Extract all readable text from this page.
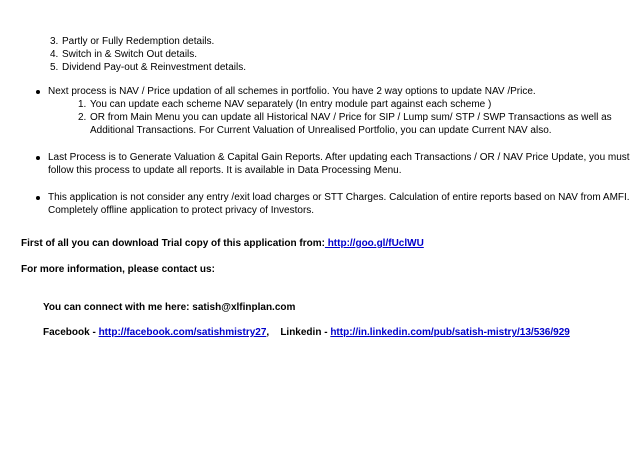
3. Partly or Fully Redemption details.
4. Switch in & Switch Out details.
5. Dividend Pay-out & Reinvestment details.
Next process is NAV / Price updation of all schemes in portfolio. You have 2 way options to update NAV /Price.
1. You can update each scheme NAV separately (In entry module part against each scheme )
2. OR from Main Menu you can update all Historical NAV / Price for SIP / Lump sum/ STP / SWP Transactions as well as
Additional Transactions. For Current Valuation of Unrealised Portfolio, you can update Current NAV also.
Last Process is to Generate Valuation & Capital Gain Reports. After updating each Transactions / OR / NAV Price Update, you must
follow this process to update all reports. It is available in Data Processing Menu.
This application is not consider any entry /exit load charges or STT Charges. Calculation of entire reports based on NAV from AMFI.
Completely offline application to protect privacy of Investors.
First of all you can download Trial copy of this application from: http://goo.gl/fUclWU
For more information, please contact us:
You can connect with me here: satish@xlfinplan.com
Facebook - http://facebook.com/satishmistry27, Linkedin - http://in.linkedin.com/pub/satish-mistry/13/536/929
